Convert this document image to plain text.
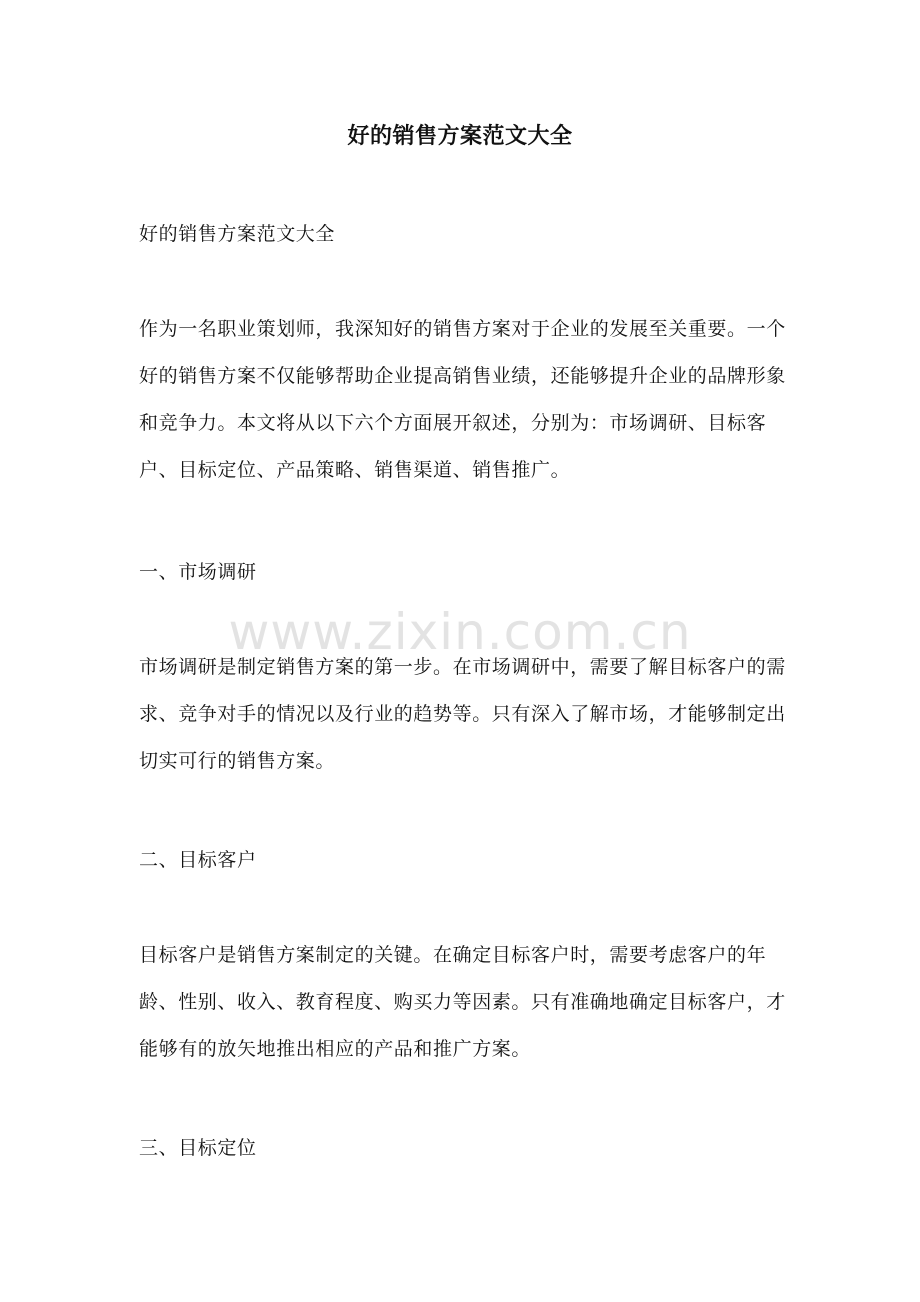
好的销售方案范文大全
好的销售方案范文大全
作为一名职业策划师，我深知好的销售方案对于企业的发展至关重要。一个好的销售方案不仅能够帮助企业提高销售业绩，还能够提升企业的品牌形象和竞争力。本文将从以下六个方面展开叙述，分别为：市场调研、目标客户、目标定位、产品策略、销售渠道、销售推广。
一、市场调研
市场调研是制定销售方案的第一步。在市场调研中，需要了解目标客户的需求、竞争对手的情况以及行业的趋势等。只有深入了解市场，才能够制定出切实可行的销售方案。
二、目标客户
目标客户是销售方案制定的关键。在确定目标客户时，需要考虑客户的年龄、性别、收入、教育程度、购买力等因素。只有准确地确定目标客户，才能够有的放矢地推出相应的产品和推广方案。
三、目标定位
www.zixin.com.cn
